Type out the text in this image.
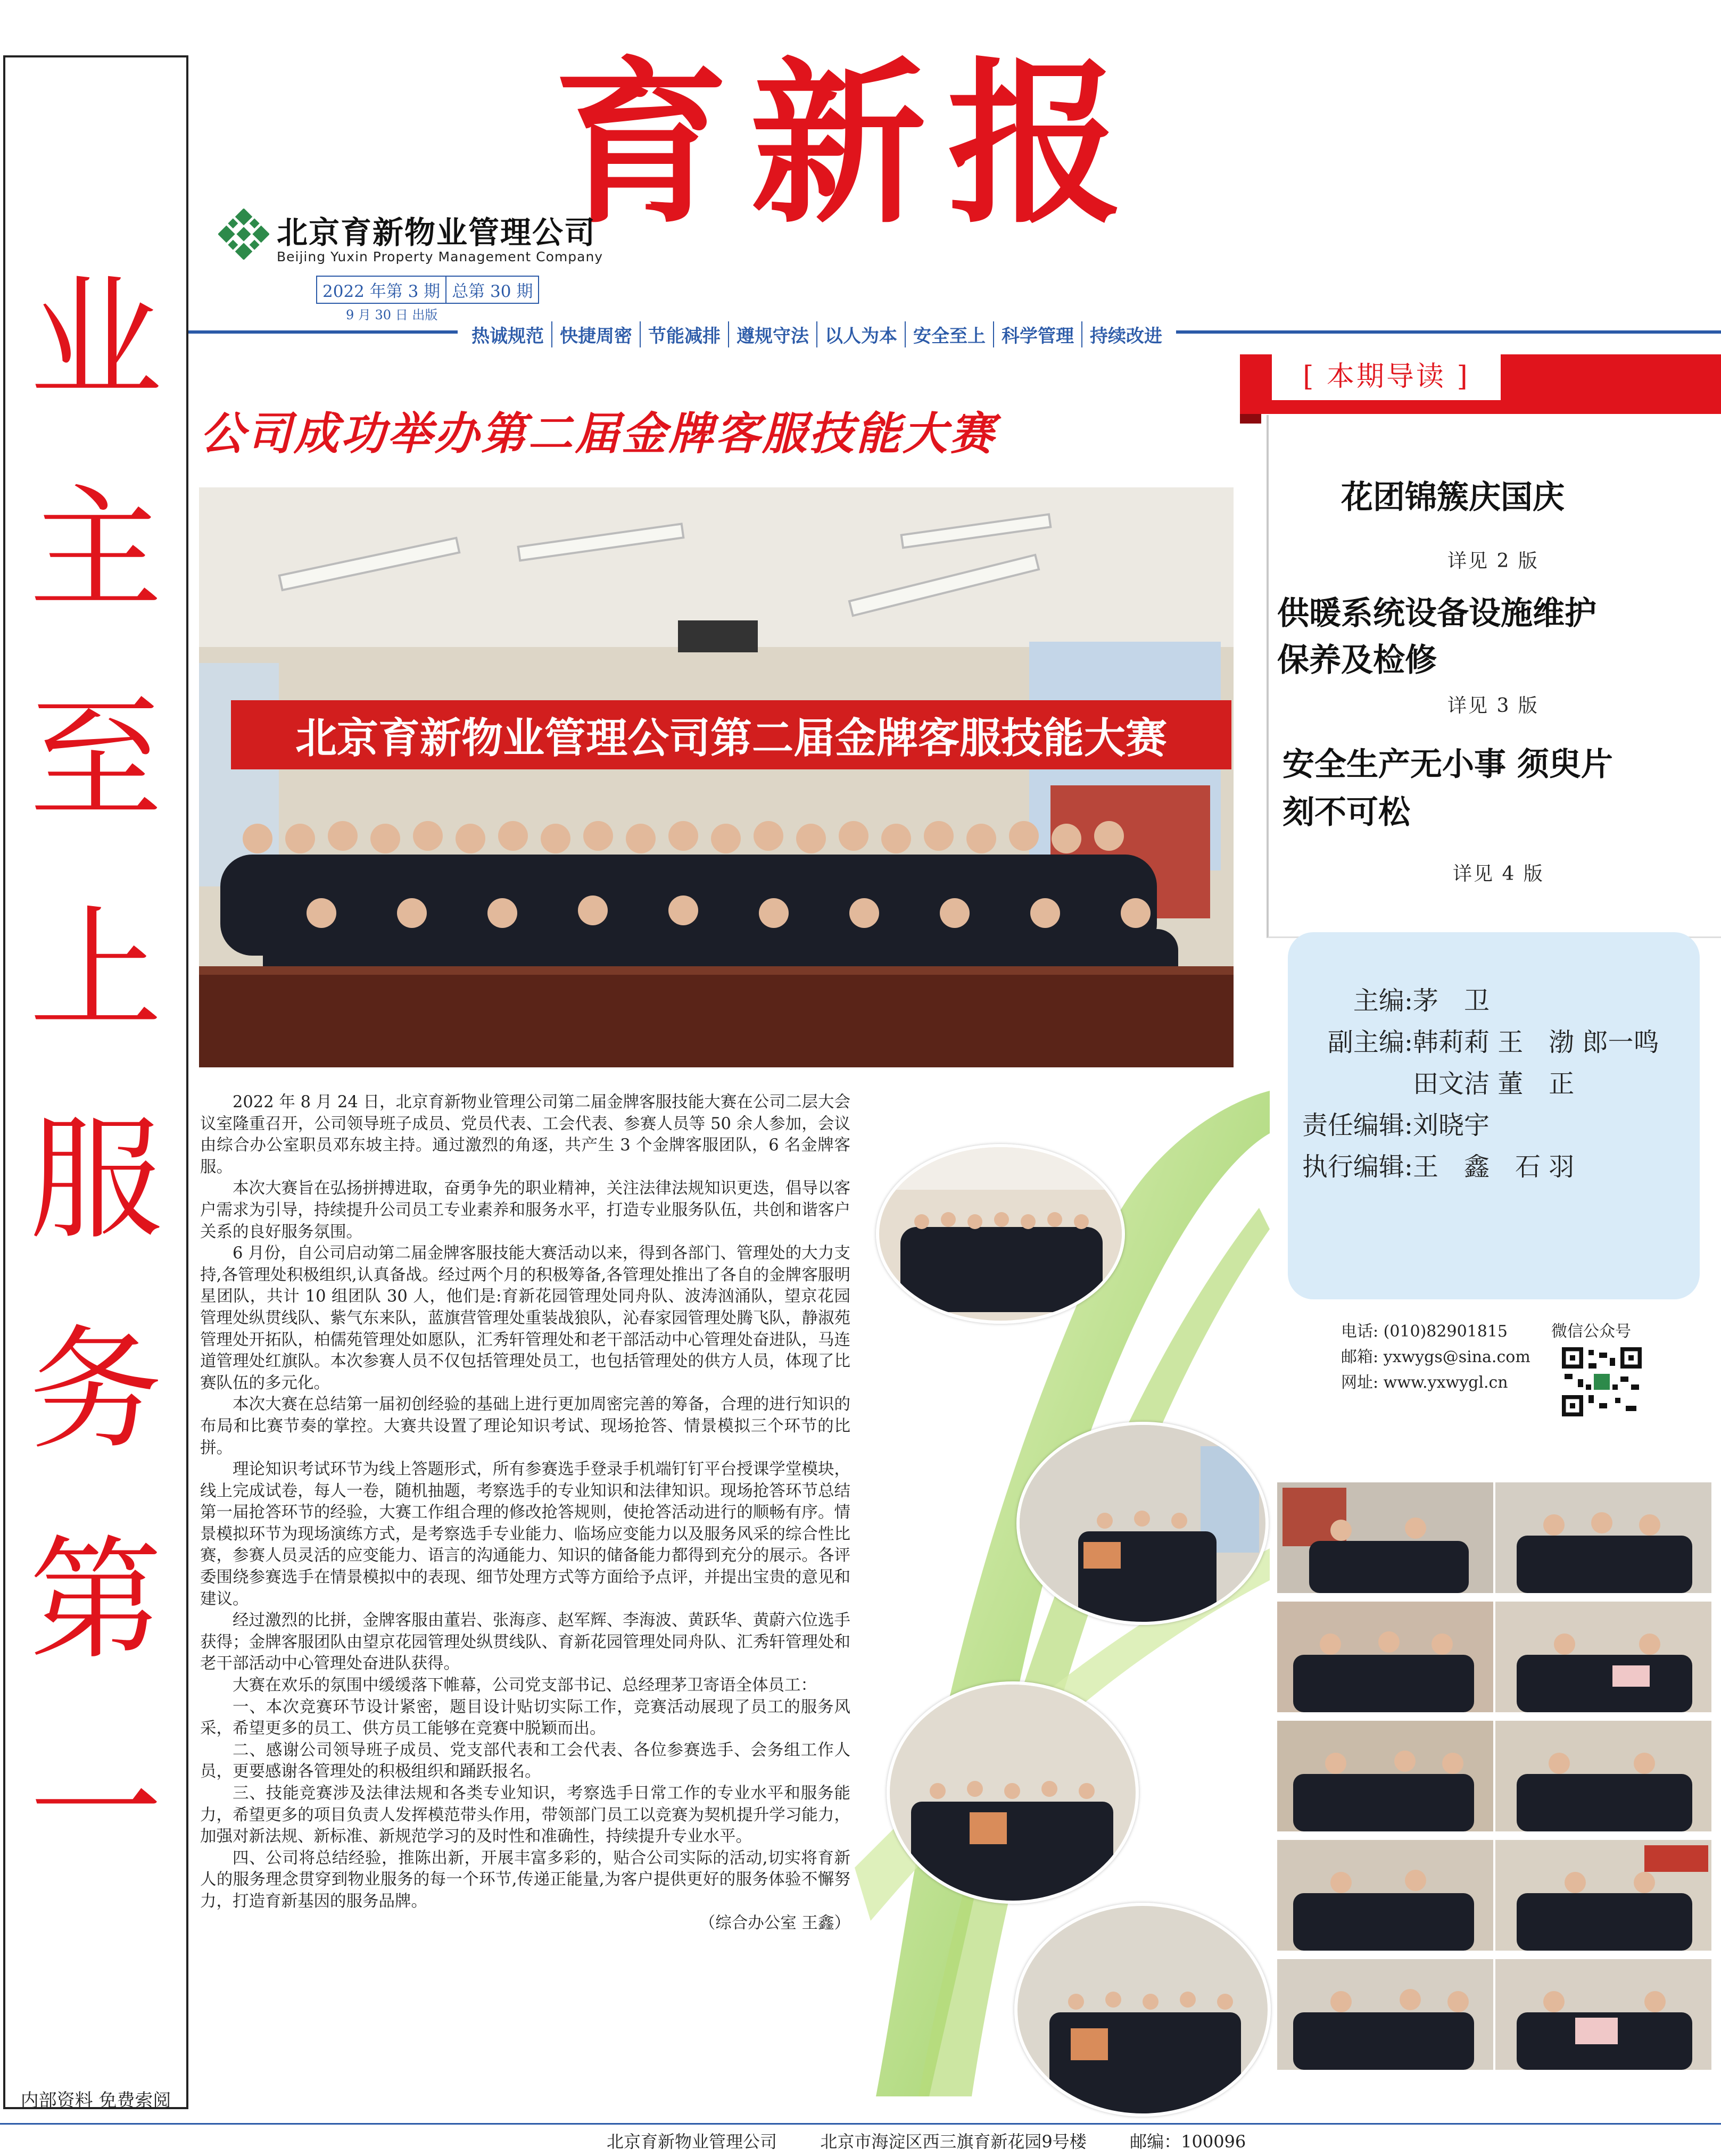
业
主
至
上
服
务
第
一
内部资料 免费索阅
育新报
北京育新物业管理公司
Beijing Yuxin Property Management Company
2022 年第 3 期 总第 30 期
9 月 30 日 出版
热诚规范 快捷周密 节能减排 遵规守法 以人为本 安全至上 科学管理 持续改进
[ 本期导读 ]
花团锦簇庆国庆
详见 2 版
供暖系统设备设施维护
保养及检修
详见 3 版
安全生产无小事 须臾片
刻不可松
详见 4 版
主编:茅　卫
副主编:韩莉莉 王　渤 郎一鸣
田文洁 董　正
责任编辑:刘晓宇
执行编辑:王　鑫　石 羽
电话: (010)82901815
邮箱: yxwygs@sina.com
网址: www.yxwygl.cn
微信公众号
公司成功举办第二届金牌客服技能大赛
北京育新物业管理公司第二届金牌客服技能大赛

2022 年 8 月 24 日，北京育新物业管理公司第二届金牌客服技能大赛在公司二层大会议室隆重召开，公司领导班子成员、党员代表、工会代表、参赛人员等 50 余人参加，会议由综合办公室职员邓东坡主持。通过激烈的角逐，共产生 3 个金牌客服团队，6 名金牌客服。

本次大赛旨在弘扬拼搏进取，奋勇争先的职业精神，关注法律法规知识更迭，倡导以客户需求为引导，持续提升公司员工专业素养和服务水平，打造专业服务队伍，共创和谐客户关系的良好服务氛围。

6 月份，自公司启动第二届金牌客服技能大赛活动以来，得到各部门、管理处的大力支持,各管理处积极组织,认真备战。经过两个月的积极筹备,各管理处推出了各自的金牌客服明星团队，共计 10 组团队 30 人，他们是:育新花园管理处同舟队、波涛汹涌队，望京花园管理处纵贯线队、紫气东来队，蓝旗营管理处重装战狼队，沁春家园管理处腾飞队，静淑苑管理处开拓队，柏儒苑管理处如愿队，汇秀轩管理处和老干部活动中心管理处奋进队，马连道管理处红旗队。本次参赛人员不仅包括管理处员工，也包括管理处的供方人员，体现了比赛队伍的多元化。

本次大赛在总结第一届初创经验的基础上进行更加周密完善的筹备，合理的进行知识的布局和比赛节奏的掌控。大赛共设置了理论知识考试、现场抢答、情景模拟三个环节的比拼。

理论知识考试环节为线上答题形式，所有参赛选手登录手机端钉钉平台授课学堂模块，线上完成试卷，每人一卷，随机抽题，考察选手的专业知识和法律知识。现场抢答环节总结第一届抢答环节的经验，大赛工作组合理的修改抢答规则，使抢答活动进行的顺畅有序。情景模拟环节为现场演练方式，是考察选手专业能力、临场应变能力以及服务风采的综合性比赛，参赛人员灵活的应变能力、语言的沟通能力、知识的储备能力都得到充分的展示。各评委围绕参赛选手在情景模拟中的表现、细节处理方式等方面给予点评，并提出宝贵的意见和建议。

经过激烈的比拼，金牌客服由董岩、张海彦、赵军辉、李海波、黄跃华、黄蔚六位选手获得；金牌客服团队由望京花园管理处纵贯线队、育新花园管理处同舟队、汇秀轩管理处和老干部活动中心管理处奋进队获得。

大赛在欢乐的氛围中缓缓落下帷幕，公司党支部书记、总经理茅卫寄语全体员工：

一、本次竞赛环节设计紧密，题目设计贴切实际工作，竞赛活动展现了员工的服务风采，希望更多的员工、供方员工能够在竞赛中脱颖而出。

二、感谢公司领导班子成员、党支部代表和工会代表、各位参赛选手、会务组工作人员，更要感谢各管理处的积极组织和踊跃报名。

三、技能竞赛涉及法律法规和各类专业知识，考察选手日常工作的专业水平和服务能力，希望更多的项目负责人发挥模范带头作用，带领部门员工以竞赛为契机提升学习能力，加强对新法规、新标准、新规范学习的及时性和准确性，持续提升专业水平。

四、公司将总结经验，推陈出新，开展丰富多彩的，贴合公司实际的活动,切实将育新人的服务理念贯穿到物业服务的每一个环节,传递正能量,为客户提供更好的服务体验不懈努力，打造育新基因的服务品牌。

（综合办公室 王鑫）

北京育新物业管理公司        北京市海淀区西三旗育新花园9号楼        邮编：100096
